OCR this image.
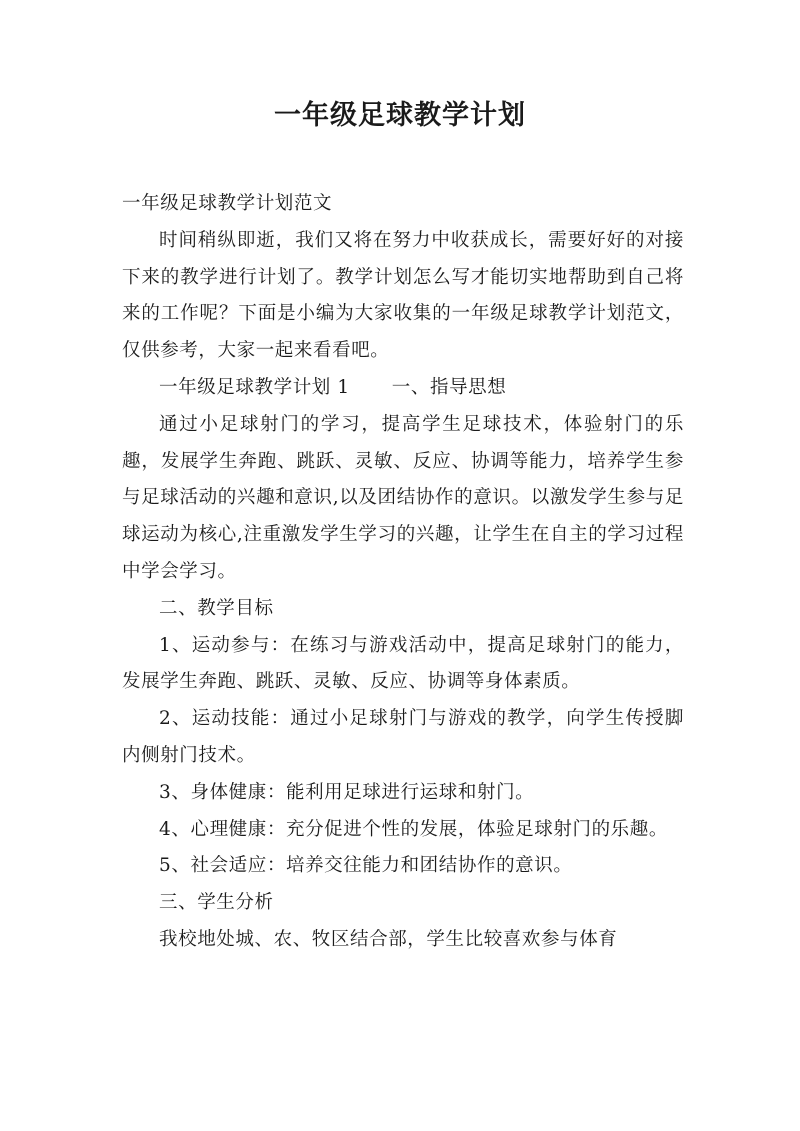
一年级足球教学计划

一年级足球教学计划范文

时间稍纵即逝，我们又将在努力中收获成长，需要好好的对接下来的教学进行计划了。教学计划怎么写才能切实地帮助到自己将来的工作呢？下面是小编为大家收集的一年级足球教学计划范文，仅供参考，大家一起来看看吧。

一年级足球教学计划 1 一、指导思想

通过小足球射门的学习，提高学生足球技术，体验射门的乐趣，发展学生奔跑、跳跃、灵敏、反应、协调等能力，培养学生参与足球活动的兴趣和意识,以及团结协作的意识。以激发学生参与足球运动为核心,注重激发学生学习的兴趣，让学生在自主的学习过程中学会学习。

二、教学目标

1、运动参与：在练习与游戏活动中，提高足球射门的能力，发展学生奔跑、跳跃、灵敏、反应、协调等身体素质。

2、运动技能：通过小足球射门与游戏的教学，向学生传授脚内侧射门技术。

3、身体健康：能利用足球进行运球和射门。

4、心理健康：充分促进个性的发展，体验足球射门的乐趣。

5、社会适应：培养交往能力和团结协作的意识。

三、学生分析

我校地处城、农、牧区结合部，学生比较喜欢参与体育
